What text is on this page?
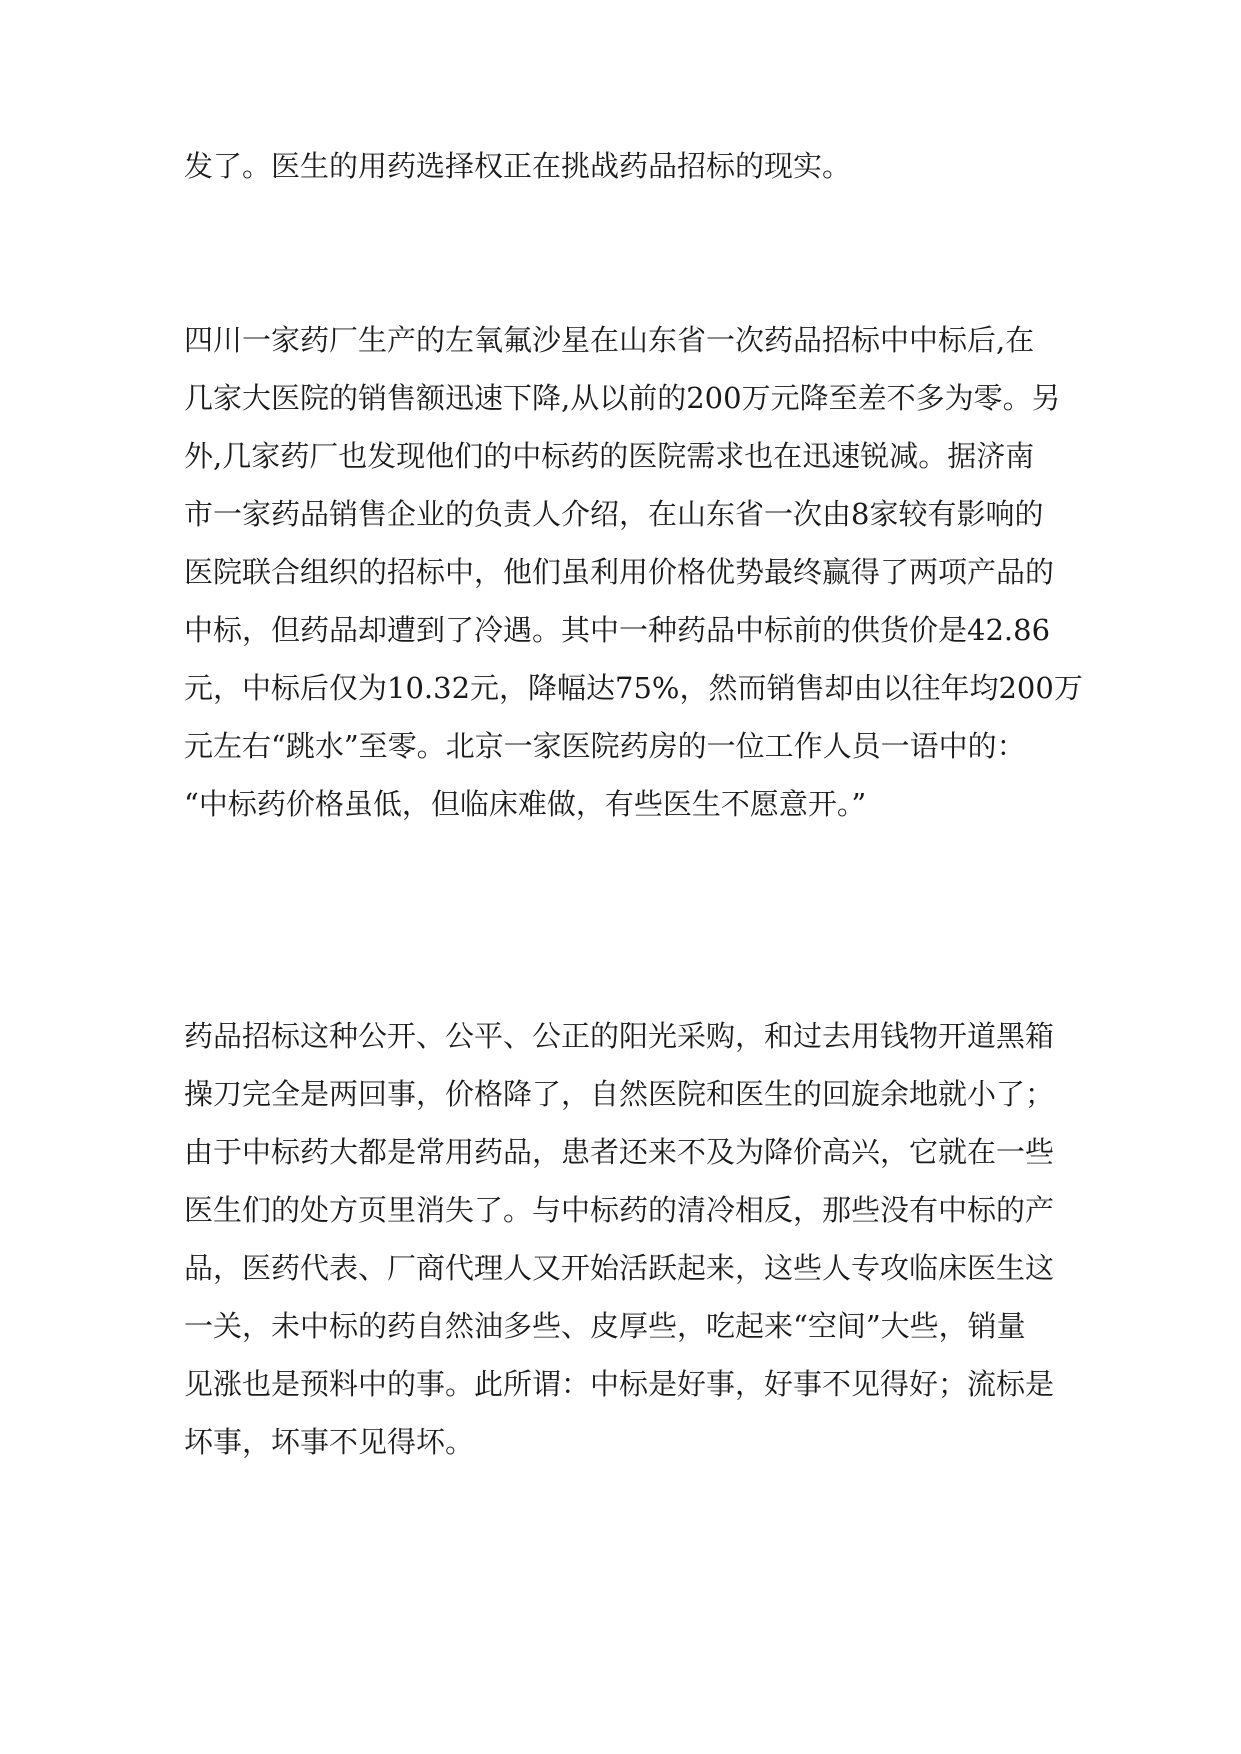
发了。医生的用药选择权正在挑战药品招标的现实。
四川一家药厂生产的左氧氟沙星在山东省一次药品招标中中标后,在
几家大医院的销售额迅速下降,从以前的200万元降至差不多为零。另
外,几家药厂也发现他们的中标药的医院需求也在迅速锐减。据济南
市一家药品销售企业的负责人介绍，在山东省一次由8家较有影响的
医院联合组织的招标中，他们虽利用价格优势最终赢得了两项产品的
中标，但药品却遭到了冷遇。其中一种药品中标前的供货价是42.86
元，中标后仅为10.32元，降幅达75%，然而销售却由以往年均200万
元左右“跳水”至零。北京一家医院药房的一位工作人员一语中的：
“中标药价格虽低，但临床难做，有些医生不愿意开。”
药品招标这种公开、公平、公正的阳光采购，和过去用钱物开道黑箱
操刀完全是两回事，价格降了，自然医院和医生的回旋余地就小了；
由于中标药大都是常用药品，患者还来不及为降价高兴，它就在一些
医生们的处方页里消失了。与中标药的清冷相反，那些没有中标的产
品，医药代表、厂商代理人又开始活跃起来，这些人专攻临床医生这
一关，未中标的药自然油多些、皮厚些，吃起来“空间”大些，销量
见涨也是预料中的事。此所谓：中标是好事，好事不见得好；流标是
坏事，坏事不见得坏。
